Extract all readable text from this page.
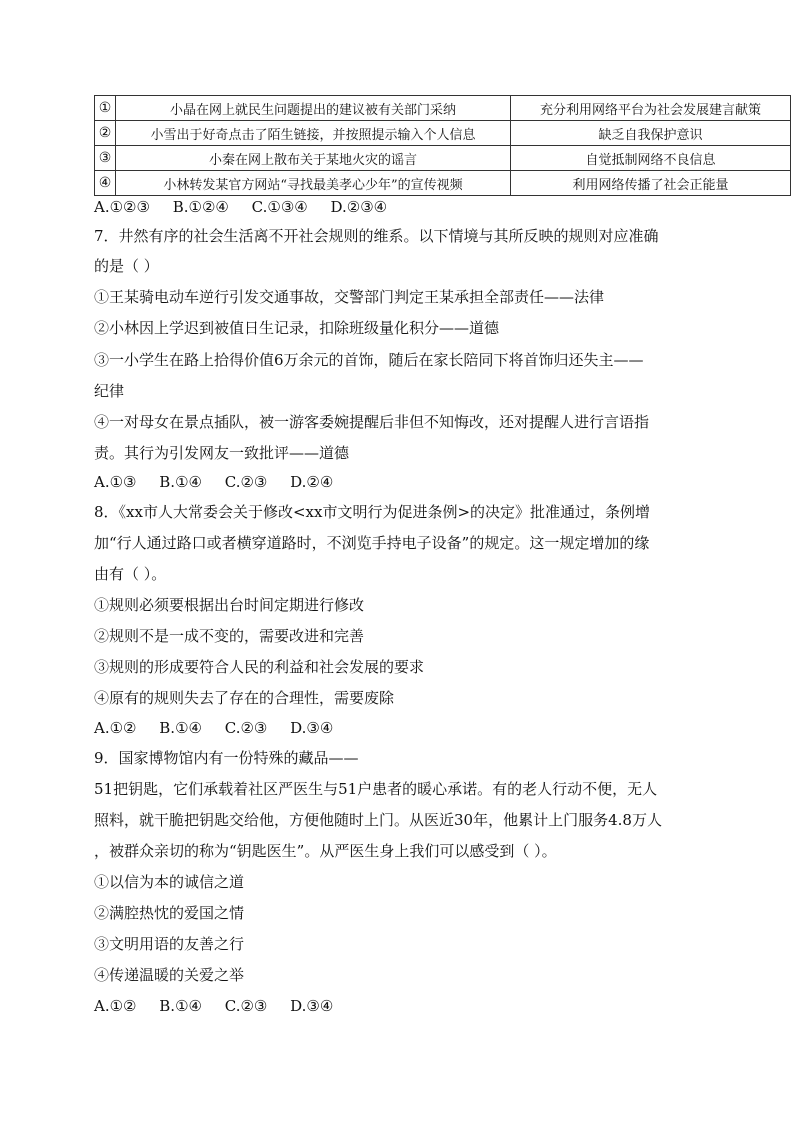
①	小晶在网上就民生问题提出的建议被有关部门采纳	充分利用网络平台为社会发展建言献策
②	小雪出于好奇点击了陌生链接，并按照提示输入个人信息	缺乏自我保护意识
③	小秦在网上散布关于某地火灾的谣言	自觉抵制网络不良信息
④	小林转发某官方网站“寻找最美孝心少年”的宣传视频	利用网络传播了社会正能量
A.①②③ B.①②④ C.①③④ D.②③④
7．井然有序的社会生活离不开社会规则的维系。以下情境与其所反映的规则对应准确
的是（ ）
①王某骑电动车逆行引发交通事故，交警部门判定王某承担全部责任——法律
②小林因上学迟到被值日生记录，扣除班级量化积分——道德
③一小学生在路上拾得价值6万余元的首饰，随后在家长陪同下将首饰归还失主——
纪律
④一对母女在景点插队，被一游客委婉提醒后非但不知悔改，还对提醒人进行言语指
责。其行为引发网友一致批评——道德
A.①③ B.①④ C.②③ D.②④
8．《xx市人大常委会关于修改<xx市文明行为促进条例>的决定》批准通过，条例增
加“行人通过路口或者横穿道路时，不浏览手持电子设备”的规定。这一规定增加的缘
由有（ ）。
①规则必须要根据出台时间定期进行修改
②规则不是一成不变的，需要改进和完善
③规则的形成要符合人民的利益和社会发展的要求
④原有的规则失去了存在的合理性，需要废除
A.①② B.①④ C.②③ D.③④
9．国家博物馆内有一份特殊的藏品——
51把钥匙，它们承载着社区严医生与51户患者的暖心承诺。有的老人行动不便，无人
照料，就干脆把钥匙交给他，方便他随时上门。从医近30年，他累计上门服务4.8万人
，被群众亲切的称为“钥匙医生”。从严医生身上我们可以感受到（ ）。
①以信为本的诚信之道
②满腔热忱的爱国之情
③文明用语的友善之行
④传递温暖的关爱之举
A.①② B.①④ C.②③ D.③④
